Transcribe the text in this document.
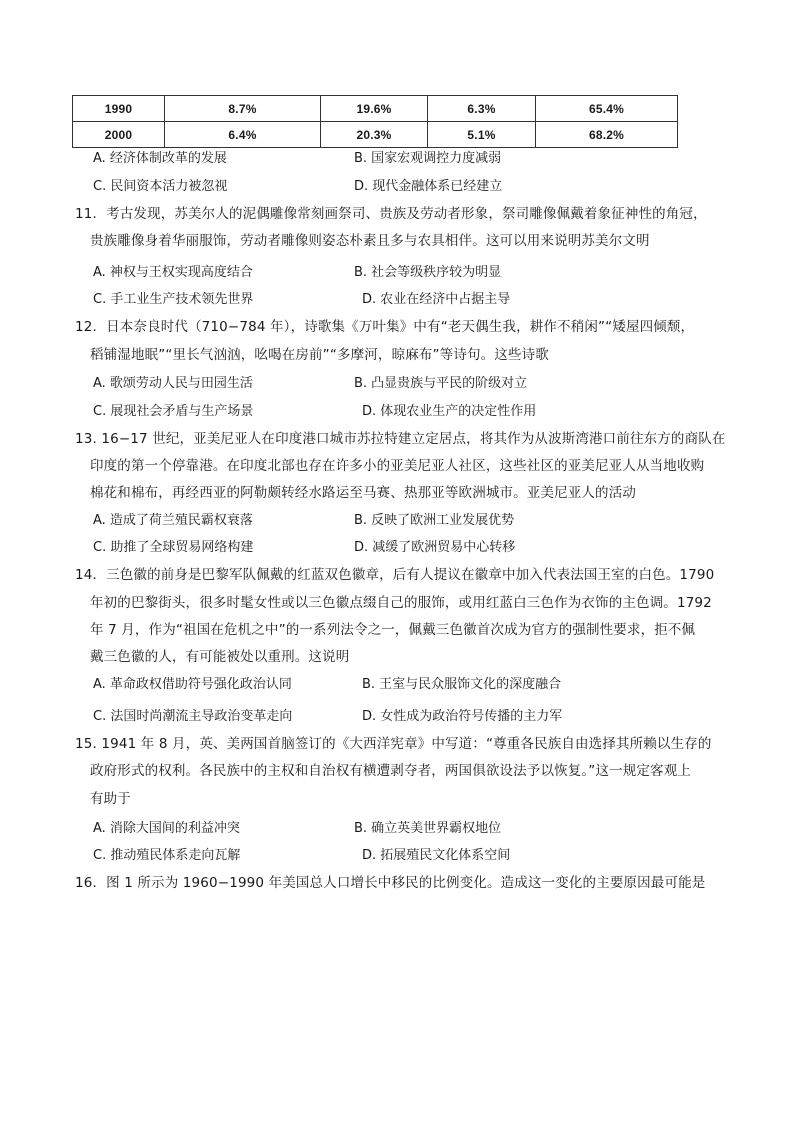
1990	8.7%	19.6%	6.3%	65.4%
2000	6.4%	20.3%	5.1%	68.2%
A. 经济体制改革的发展	B. 国家宏观调控力度减弱
C. 民间资本活力被忽视	D. 现代金融体系已经建立
11．考古发现，苏美尔人的泥偶雕像常刻画祭司、贵族及劳动者形象，祭司雕像佩戴着象征神性的角冠，
贵族雕像身着华丽服饰，劳动者雕像则姿态朴素且多与农具相伴。这可以用来说明苏美尔文明
A. 神权与王权实现高度结合	B. 社会等级秩序较为明显
C. 手工业生产技术领先世界	D. 农业在经济中占据主导
12．日本奈良时代（710−784 年），诗歌集《万叶集》中有“老天偶生我，耕作不稍闲”“矮屋四倾颓，
稻铺湿地眠”“里长气汹汹，吆喝在房前”“多摩河，晾麻布”等诗句。这些诗歌
A. 歌颂劳动人民与田园生活	B. 凸显贵族与平民的阶级对立
C. 展现社会矛盾与生产场景	D. 体现农业生产的决定性作用
13. 16−17 世纪，亚美尼亚人在印度港口城市苏拉特建立定居点，将其作为从波斯湾港口前往东方的商队在
印度的第一个停靠港。在印度北部也存在许多小的亚美尼亚人社区，这些社区的亚美尼亚人从当地收购
棉花和棉布，再经西亚的阿勒颇转经水路运至马赛、热那亚等欧洲城市。亚美尼亚人的活动
A. 造成了荷兰殖民霸权衰落	B. 反映了欧洲工业发展优势
C. 助推了全球贸易网络构建	D. 减缓了欧洲贸易中心转移
14．三色徽的前身是巴黎军队佩戴的红蓝双色徽章，后有人提议在徽章中加入代表法国王室的白色。1790
年初的巴黎街头，很多时髦女性或以三色徽点缀自己的服饰，或用红蓝白三色作为衣饰的主色调。1792
年 7 月，作为“祖国在危机之中”的一系列法令之一，佩戴三色徽首次成为官方的强制性要求，拒不佩
戴三色徽的人，有可能被处以重刑。这说明
A. 革命政权借助符号强化政治认同	B. 王室与民众服饰文化的深度融合
C. 法国时尚潮流主导政治变革走向	D. 女性成为政治符号传播的主力军
15. 1941 年 8 月，英、美两国首脑签订的《大西洋宪章》中写道：“尊重各民族自由选择其所赖以生存的
政府形式的权利。各民族中的主权和自治权有横遭剥夺者，两国俱欲设法予以恢复。”这一规定客观上
有助于
A. 消除大国间的利益冲突	B. 确立英美世界霸权地位
C. 推动殖民体系走向瓦解	D. 拓展殖民文化体系空间
16．图 1 所示为 1960−1990 年美国总人口增长中移民的比例变化。造成这一变化的主要原因最可能是
